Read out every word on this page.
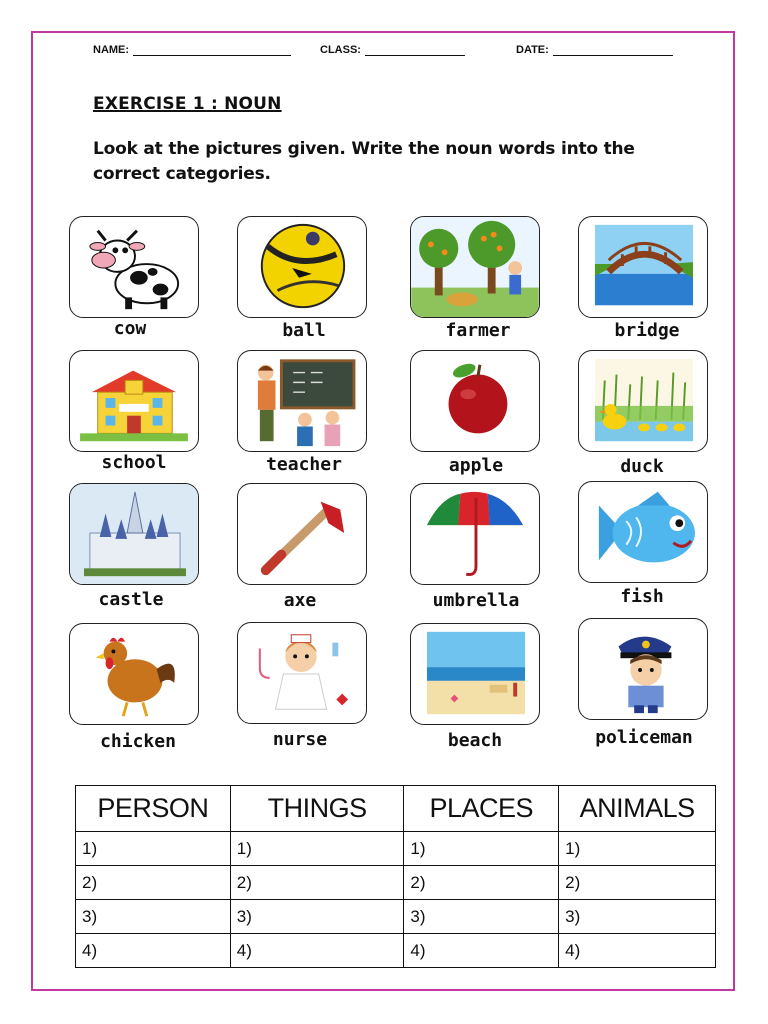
NAME:	CLASS:	DATE:
EXERCISE 1 : NOUN
Look at the pictures given. Write the noun words into the correct categories.
cow	ball	farmer	bridge
school	teacher	apple	duck
castle	axe	umbrella	fish
chicken	nurse	beach	policeman
PERSON	THINGS	PLACES	ANIMALS
1)	1)	1)	1)
2)	2)	2)	2)
3)	3)	3)	3)
4)	4)	4)	4)
